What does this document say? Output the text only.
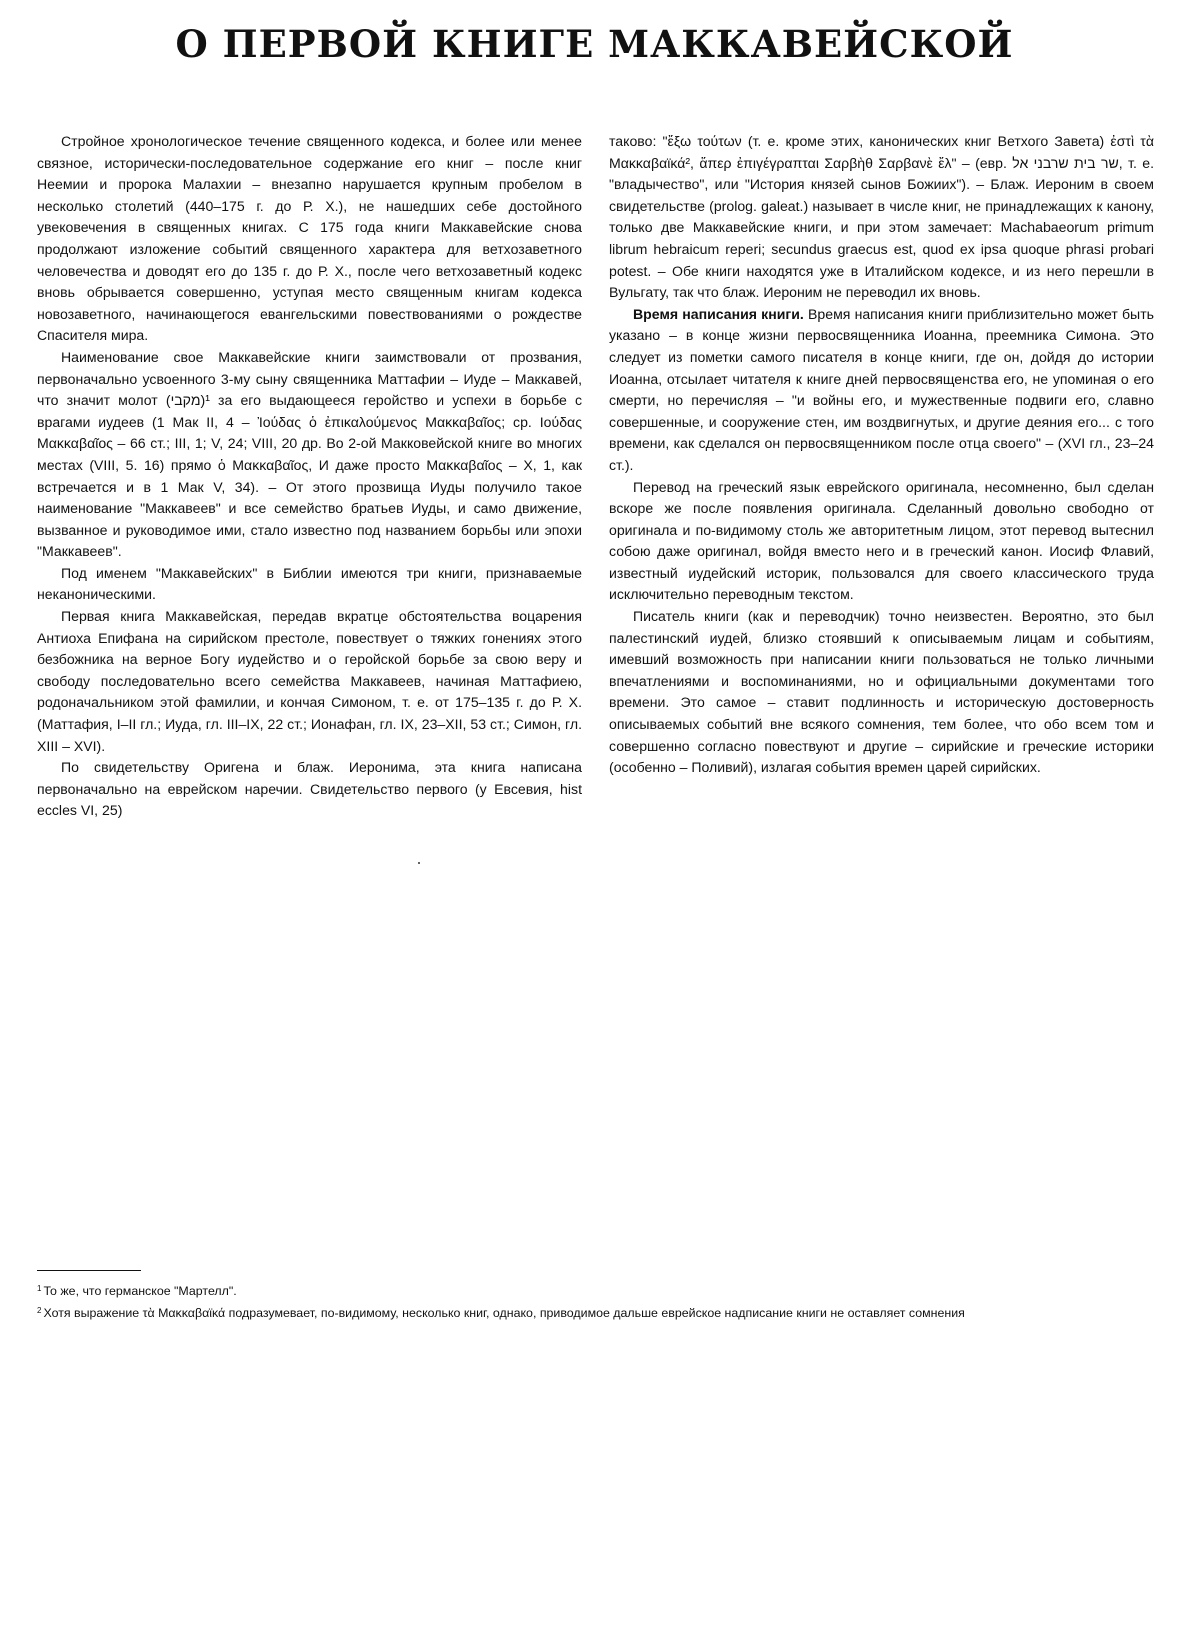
О ПЕРВОЙ КНИГЕ МАККАВЕЙСКОЙ

Стройное хронологическое течение священного кодекса, и более или менее связное, исторически-последовательное содержание его книг – после книг Неемии и пророка Малахии – внезапно нарушается крупным пробелом в несколько столетий (440–175 г. до Р. Х.), не нашедших себе достойного увековечения в священных книгах. С 175 года книги Маккавейские снова продолжают изложение событий священного характера для ветхозаветного человечества и доводят его до 135 г. до Р. Х., после чего ветхозаветный кодекс вновь обрывается совершенно, уступая место священным книгам кодекса новозаветного, начинающегося евангельскими повествованиями о рождестве Спасителя мира.

Наименование свое Маккавейские книги заимствовали от прозвания, первоначально усвоенного 3-му сыну священника Маттафии – Иуде – Маккавей, что значит молот (מקבי)¹ за его выдающееся геройство и успехи в борьбе с врагами иудеев (1 Мак II, 4 – Ἰούδας ὁ ἐπικαλούμενος Μακκαβαῖος; ср. Ιούδας Μακκαβαῖος – 66 ст.; III, 1; V, 24; VIII, 20 др. Во 2-ой Макковейской книге во многих местах (VIII, 5. 16) прямо ὁ Μακκαβαῖος, И даже просто Μακκαβαῖος – X, 1, как встречается и в 1 Мак V, 34). – От этого прозвища Иуды получило такое наименование "Маккавеев" и все семейство братьев Иуды, и само движение, вызванное и руководимое ими, стало известно под названием борьбы или эпохи "Маккавеев".

Под именем "Маккавейских" в Библии имеются три книги, признаваемые неканоническими.

Первая книга Маккавейская, передав вкратце обстоятельства воцарения Антиоха Епифана на сирийском престоле, повествует о тяжких гонениях этого безбожника на верное Богу иудейство и о геройской борьбе за свою веру и свободу последовательно всего семейства Маккавеев, начиная Маттафиею, родоначальником этой фамилии, и кончая Симоном, т. е. от 175–135 г. до Р. Х. (Маттафия, I–II гл.; Иуда, гл. III–IX, 22 ст.; Ионафан, гл. IX, 23–XII, 53 ст.; Симон, гл. XIII – XVI).

По свидетельству Оригена и блаж. Иеронима, эта книга написана первоначально на еврейском наречии. Свидетельство первого (у Евсевия, hist eccles VI, 25)

таково: "ἔξω τούτων (т. е. кроме этих, канонических книг Ветхого Завета) ἐστὶ τὰ Μακκαβαϊκά², ἅπερ ἐπιγέγραπται Σαρβὴθ Σαρβανὲ ἔλ" – (евр. שר בית שרבני אל, т. е. "владычество", или "История князей сынов Божиих"). – Блаж. Иероним в своем свидетельстве (prolog. galeat.) называет в числе книг, не принадлежащих к канону, только две Маккавейские книги, и при этом замечает: Machabaeorum primum librum hebraicum reperi; secundus graecus est, quod ex ipsa quoque phrasi probari potest. – Обе книги находятся уже в Италийском кодексе, и из него перешли в Вульгату, так что блаж. Иероним не переводил их вновь.

Время написания книги. Время написания книги приблизительно может быть указано – в конце жизни первосвященника Иоанна, преемника Симона. Это следует из пометки самого писателя в конце книги, где он, дойдя до истории Иоанна, отсылает читателя к книге дней первосвященства его, не упоминая о его смерти, но перечисляя – "и войны его, и мужественные подвиги его, славно совершенные, и сооружение стен, им воздвигнутых, и другие деяния его... с того времени, как сделался он первосвященником после отца своего" – (XVI гл., 23–24 ст.).

Перевод на греческий язык еврейского оригинала, несомненно, был сделан вскоре же после появления оригинала. Сделанный довольно свободно от оригинала и по-видимому столь же авторитетным лицом, этот перевод вытеснил собою даже оригинал, войдя вместо него и в греческий канон. Иосиф Флавий, известный иудейский историк, пользовался для своего классического труда исключительно переводным текстом.

Писатель книги (как и переводчик) точно неизвестен. Вероятно, это был палестинский иудей, близко стоявший к описываемым лицам и событиям, имевший возможность при написании книги пользоваться не только личными впечатлениями и воспоминаниями, но и официальными документами того времени. Это самое – ставит подлинность и историческую достоверность описываемых событий вне всякого сомнения, тем более, что обо всем том и совершенно согласно повествуют и другие – сирийские и греческие историки (особенно – Поливий), излагая события времен царей сирийских.

$^1$ То же, что германское "Мартелл".
$^2$ Хотя выражение τὰ Μακκαβαϊκά подразумевает, по-видимому, несколько книг, однако, приводимое дальше еврейское надписание книги не оставляет сомнения
